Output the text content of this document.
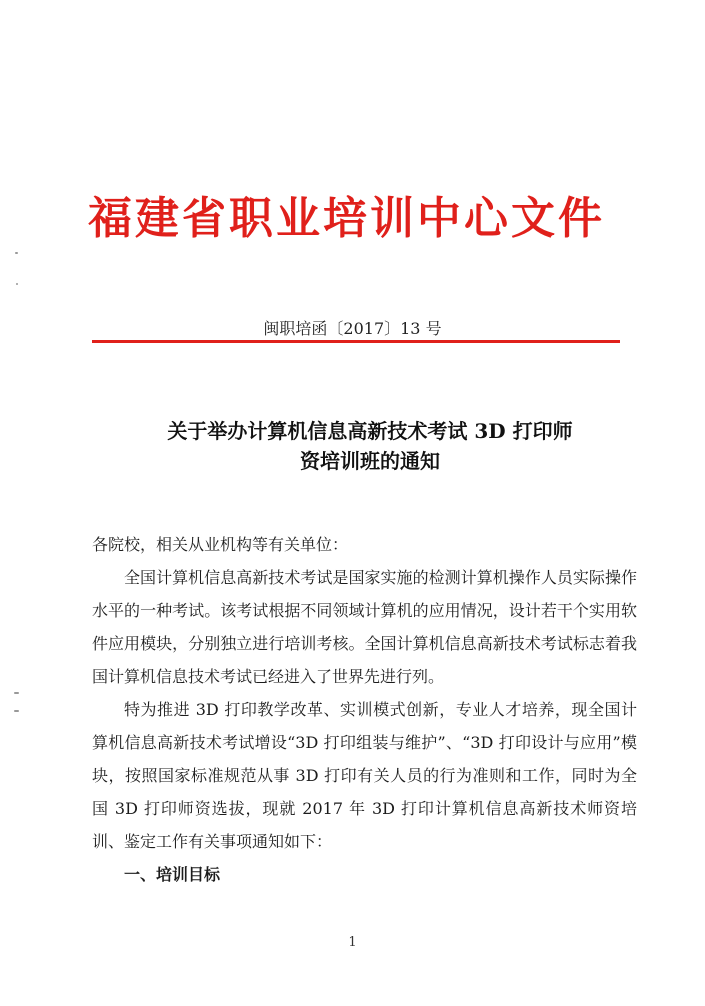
福建省职业培训中心文件
闽职培函〔2017〕13 号
关于举办计算机信息高新技术考试 3D 打印师
资培训班的通知

各院校，相关从业机构等有关单位：

全国计算机信息高新技术考试是国家实施的检测计算机操作人员实际操作水平的一种考试。该考试根据不同领域计算机的应用情况，设计若干个实用软件应用模块，分别独立进行培训考核。全国计算机信息高新技术考试标志着我国计算机信息技术考试已经进入了世界先进行列。

特为推进 3D 打印教学改革、实训模式创新，专业人才培养，现全国计算机信息高新技术考试增设“3D 打印组装与维护”、“3D 打印设计与应用”模块，按照国家标准规范从事 3D 打印有关人员的行为准则和工作，同时为全国 3D 打印师资选拔，现就 2017 年 3D 打印计算机信息高新技术师资培训、鉴定工作有关事项通知如下：

一、培训目标

1
